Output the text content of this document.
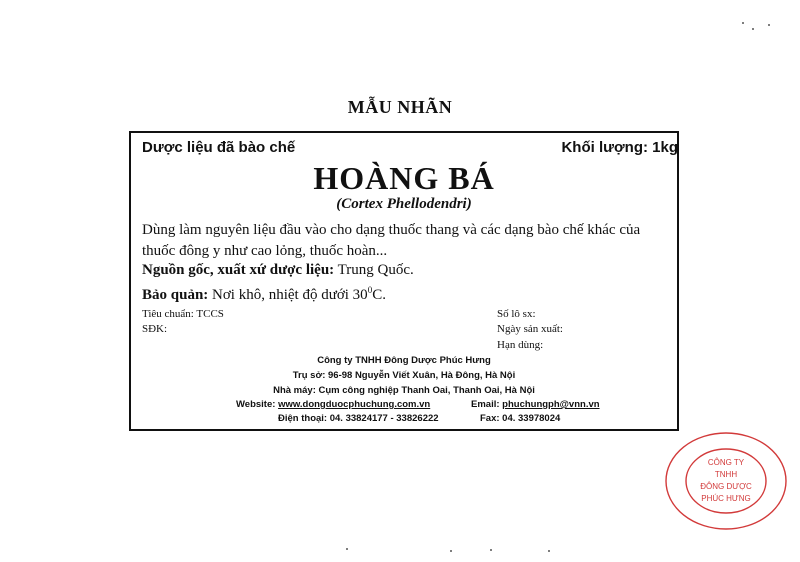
MẪU NHÃN
Dược liệu đã bào chế	Khối lượng: 1kg
HOÀNG BÁ
(Cortex Phellodendri)
Dùng làm nguyên liệu đầu vào cho dạng thuốc thang và các dạng bào chế khác của thuốc đông y như cao lỏng, thuốc hoàn...
Nguồn gốc, xuất xứ dược liệu: Trung Quốc.
Bảo quản: Nơi khô, nhiệt độ dưới $30^0C$.
Tiêu chuẩn: TCCS
SĐK:
Số lô sx:
Ngày sản xuất:
Hạn dùng:
Công ty TNHH Đông Dược Phúc Hưng
Trụ sở: 96-98 Nguyễn Viết Xuân, Hà Đông, Hà Nội
Nhà máy: Cụm công nghiệp Thanh Oai, Thanh Oai, Hà Nội
Website: www.dongduocphuchung.com.vn	Email: phuchungph@vnn.vn
Điện thoại: 04. 33824177 - 33826222	Fax: 04. 33978024
CÔNG TY
TNHH
ĐÔNG DƯỢC
PHÚC HƯNG
